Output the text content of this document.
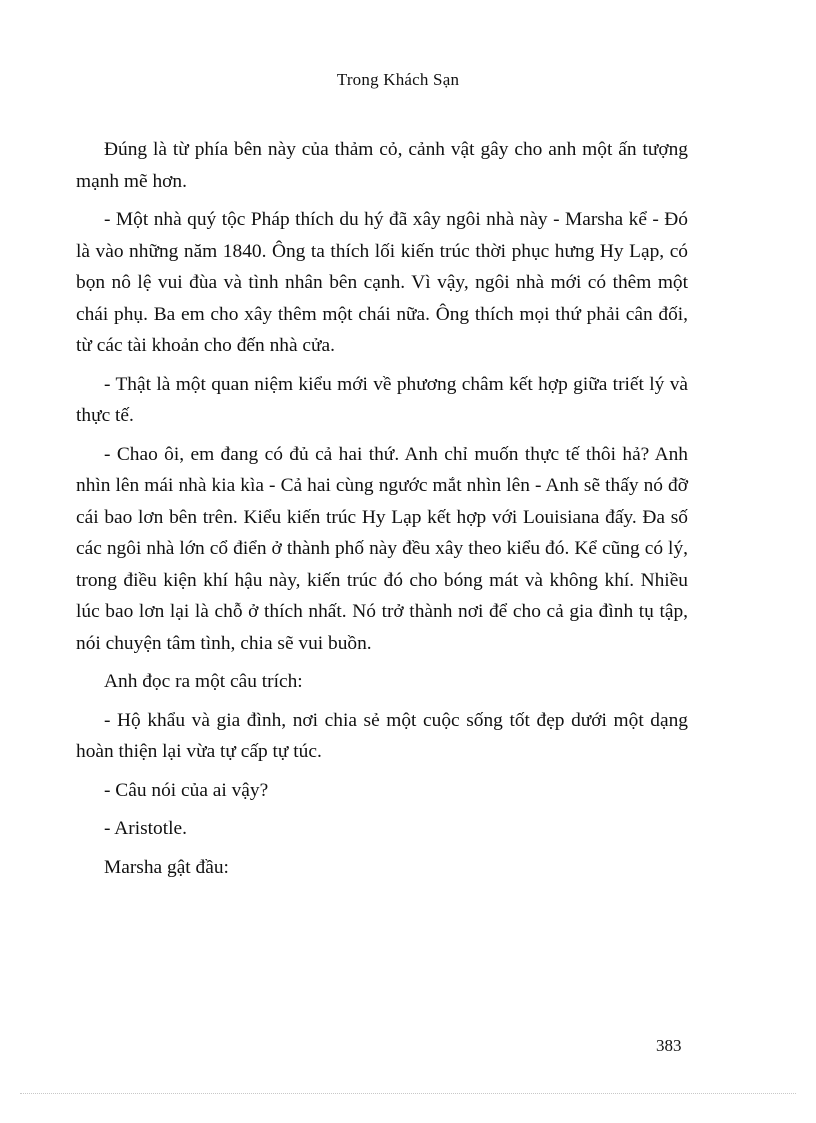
Trong Khách Sạn

Đúng là từ phía bên này của thảm cỏ, cảnh vật gây cho anh một ấn tượng mạnh mẽ hơn.

- Một nhà quý tộc Pháp thích du hý đã xây ngôi nhà này - Marsha kể - Đó là vào những năm 1840. Ông ta thích lối kiến trúc thời phục hưng Hy Lạp, có bọn nô lệ vui đùa và tình nhân bên cạnh. Vì vậy, ngôi nhà mới có thêm một chái phụ. Ba em cho xây thêm một chái nữa. Ông thích mọi thứ phải cân đối, từ các tài khoản cho đến nhà cửa.

- Thật là một quan niệm kiểu mới về phương châm kết hợp giữa triết lý và thực tế.

- Chao ôi, em đang có đủ cả hai thứ. Anh chỉ muốn thực tế thôi hả? Anh nhìn lên mái nhà kia kìa - Cả hai cùng ngước mắt nhìn lên - Anh sẽ thấy nó đỡ cái bao lơn bên trên. Kiểu kiến trúc Hy Lạp kết hợp với Louisiana đấy. Đa số các ngôi nhà lớn cổ điển ở thành phố này đều xây theo kiểu đó. Kể cũng có lý, trong điều kiện khí hậu này, kiến trúc đó cho bóng mát và không khí. Nhiều lúc bao lơn lại là chỗ ở thích nhất. Nó trở thành nơi để cho cả gia đình tụ tập, nói chuyện tâm tình, chia sẽ vui buồn.

Anh đọc ra một câu trích:

- Hộ khẩu và gia đình, nơi chia sẻ một cuộc sống tốt đẹp dưới một dạng hoàn thiện lại vừa tự cấp tự túc.

- Câu nói của ai vậy?

- Aristotle.

Marsha gật đầu:

383
